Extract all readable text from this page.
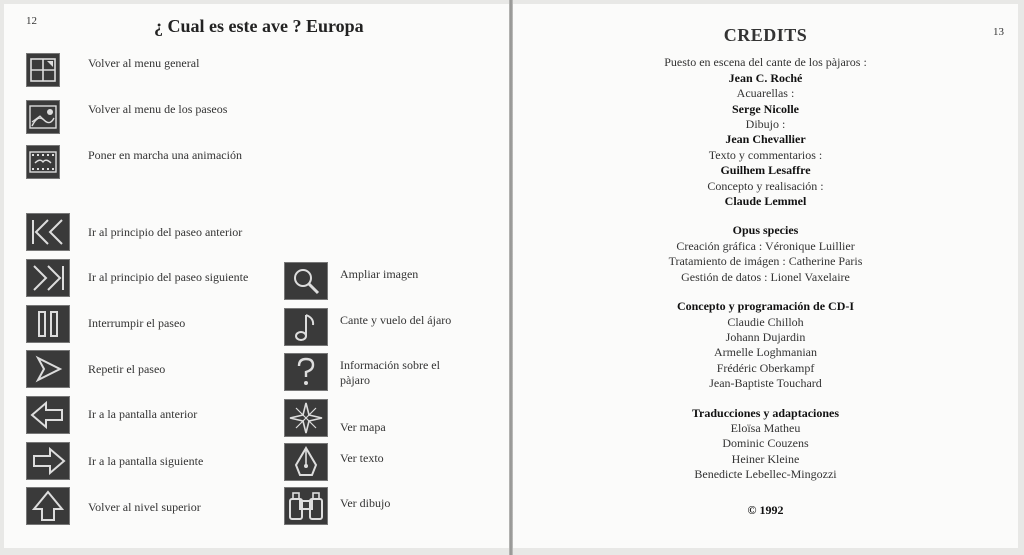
12	¿ Cual es este ave ? Europa
Volver al menu general
Volver al menu de los paseos
Poner en marcha una animación
Ir al principio del paseo anterior
Ir al principio del paseo siguiente
Interrumpir el paseo
Repetir el paseo
Ir a la pantalla anterior
Ir a la pantalla siguiente
Volver al nivel superior
Ampliar imagen
Cante y vuelo del ájaro
Información sobre el pàjaro
Ver mapa
Ver texto
Ver dibujo
13
CREDITS
Puesto en escena del cante de los pàjaros :
Jean C. Roché
Acuarellas :
Serge Nicolle
Dibujo :
Jean Chevallier
Texto y commentarios :
Guilhem Lesaffre
Concepto y realisación :
Claude Lemmel
Opus species
Creación gráfica : Véronique Luillier
Tratamiento de imágen : Catherine Paris
Gestión de datos : Lionel Vaxelaire
Concepto y programación de CD-I
Claudie Chilloh
Johann Dujardin
Armelle Loghmanian
Frédéric Oberkampf
Jean-Baptiste Touchard
Traducciones y adaptaciones
Eloïsa Matheu
Dominic Couzens
Heiner Kleine
Benedicte Lebellec-Mingozzi
© 1992
